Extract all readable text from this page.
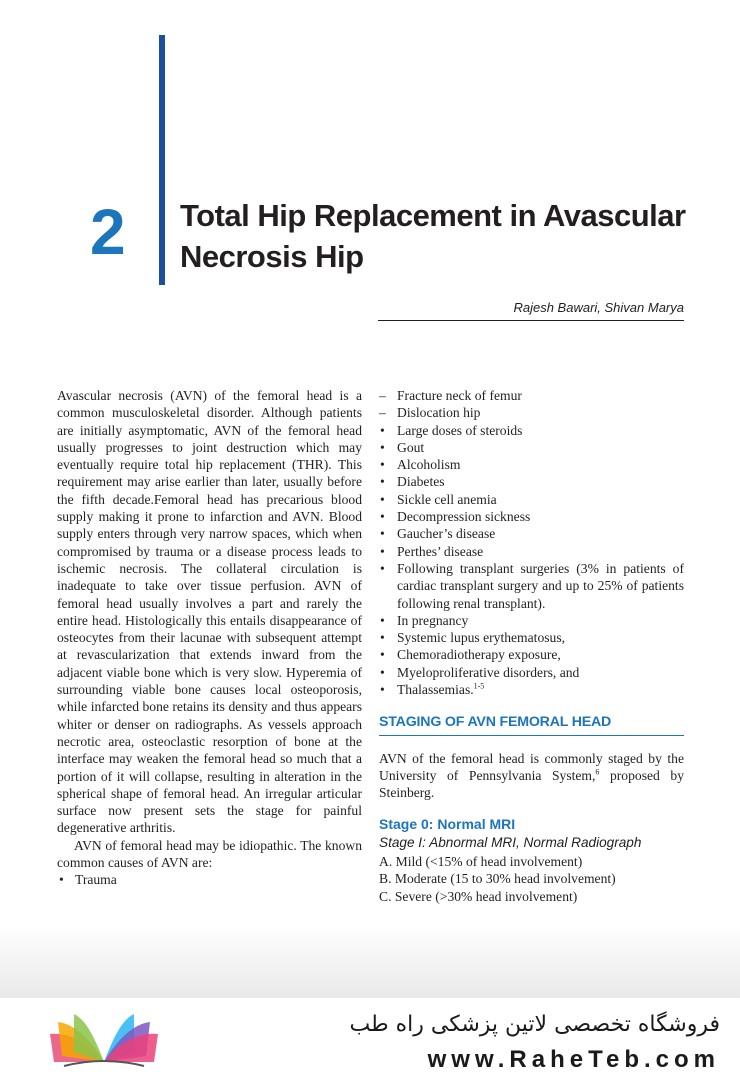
2 Total Hip Replacement in Avascular
Necrosis Hip
Rajesh Bawari, Shivan Marya

Avascular necrosis (AVN) of the femoral head is a common musculoskeletal disorder. Although patients are initially asymptomatic, AVN of the femoral head usually progresses to joint destruction which may eventually require total hip replacement (THR). This requirement may arise earlier than later, usually before the fifth decade.Femoral head has precarious blood supply making it prone to infarction and AVN. Blood supply enters through very narrow spaces, which when compromised by trauma or a disease process leads to ischemic necrosis. The collateral circulation is inadequate to take over tissue perfusion. AVN of femoral head usually involves a part and rarely the entire head. Histologically this entails disappearance of osteocytes from their lacunae with subsequent attempt at revascularization that extends inward from the adjacent viable bone which is very slow. Hyperemia of surrounding viable bone causes local osteoporosis, while infarcted bone retains its density and thus appears whiter or denser on radiographs. As vessels approach necrotic area, osteoclastic resorption of bone at the interface may weaken the femoral head so much that a portion of it will collapse, resulting in alteration in the spherical shape of femoral head. An irregular articular surface now present sets the stage for painful degenerative arthritis.

AVN of femoral head may be idiopathic. The known common causes of AVN are:

• Trauma
– Fracture neck of femur
– Dislocation hip
• Large doses of steroids
• Gout
• Alcoholism
• Diabetes
• Sickle cell anemia
• Decompression sickness
• Gaucher’s disease
• Perthes’ disease
• Following transplant surgeries (3% in patients of cardiac transplant surgery and up to 25% of patients following renal transplant).
• In pregnancy
• Systemic lupus erythematosus,
• Chemoradiotherapy exposure,
• Myeloproliferative disorders, and
• Thalassemias.$^{1-5}$
STAGING OF AVN FEMORAL HEAD

AVN of the femoral head is commonly staged by the University of Pennsylvania System,$^6$ proposed by Steinberg.

Stage 0: Normal MRI
Stage I: Abnormal MRI, Normal Radiograph
A. Mild (<15% of head involvement)
B. Moderate (15 to 30% head involvement)
C. Severe (>30% head involvement)
فروشگاه تخصصی لاتین پزشکی راه طب
www.RaheTeb.com
